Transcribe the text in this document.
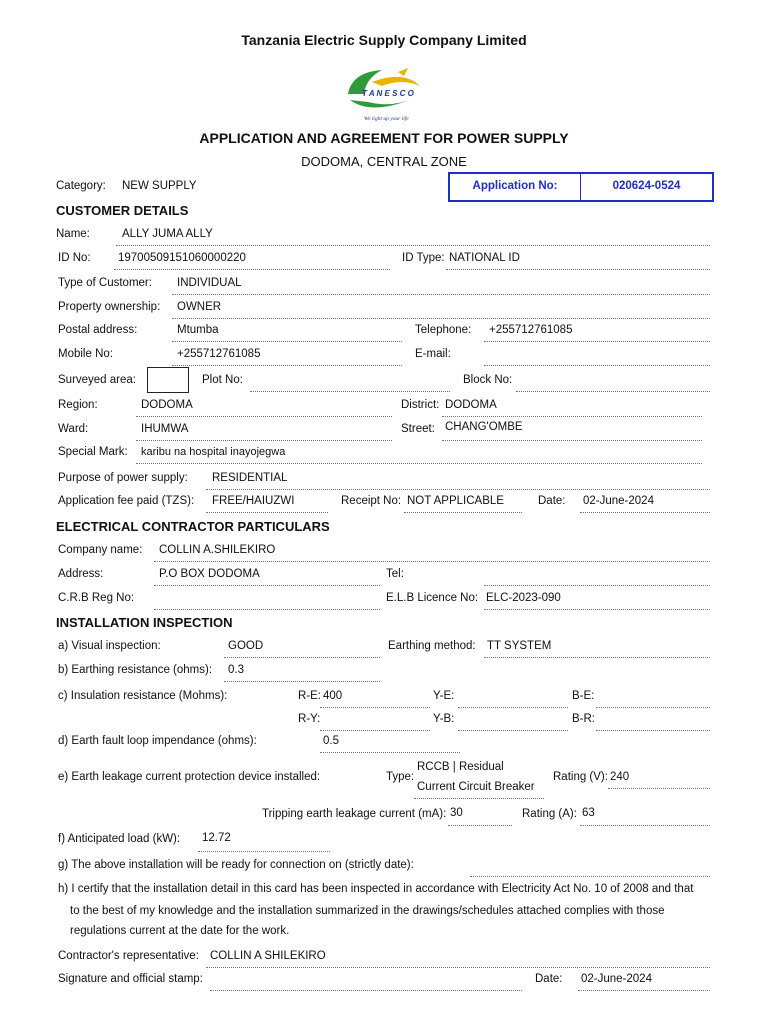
Tanzania Electric Supply Company Limited
T A N E S C O
We light up your life
APPLICATION AND AGREEMENT FOR POWER SUPPLY
DODOMA, CENTRAL ZONE
Category: NEW SUPPLY	Application No:	020624-0524
CUSTOMER DETAILS
Name:	ALLY JUMA ALLY
ID No: 19700509151060000220	ID Type: NATIONAL ID
Type of Customer: INDIVIDUAL
Property ownership: OWNER
Postal address:	Mtumba	Telephone: +255712761085
Mobile No:	+255712761085	E-mail:
Surveyed area:	Plot No:	Block No:
Region:	DODOMA	District: DODOMA
Ward:	IHUMWA	Street: CHANG'OMBE
Special Mark: karibu na hospital inayojegwa
Purpose of power supply: RESIDENTIAL
Application fee paid (TZS): FREE/HAIUZWI	Receipt No: NOT APPLICABLE	Date: 02-June-2024
ELECTRICAL CONTRACTOR PARTICULARS
Company name: COLLIN A.SHILEKIRO
Address:	P.O BOX DODOMA	Tel:
C.R.B Reg No:	E.L.B Licence No: ELC-2023-090
INSTALLATION INSPECTION
a) Visual inspection:	GOOD	Earthing method: TT SYSTEM
b) Earthing resistance (ohms): 0.3
c) Insulation resistance (Mohms):	R-E: 400	Y-E:	B-E:
R-Y:	Y-B:	B-R:
d) Earth fault loop impendance (ohms):	0.5
e) Earth leakage current protection device installed:	Type:
RCCB | Residual
Current Circuit Breaker
Rating (V): 240
Tripping earth leakage current (mA): 30	Rating (A): 63
f) Anticipated load (kW): 12.72
g) The above installation will be ready for connection on (strictly date):
h) I certify that the installation detail in this card has been inspected in accordance with Electricity Act No. 10 of 2008 and that
to the best of my knowledge and the installation summarized in the drawings/schedules attached complies with those
regulations current at the date for the work.
Contractor's representative: COLLIN A SHILEKIRO
Signature and official stamp:	Date: 02-June-2024
